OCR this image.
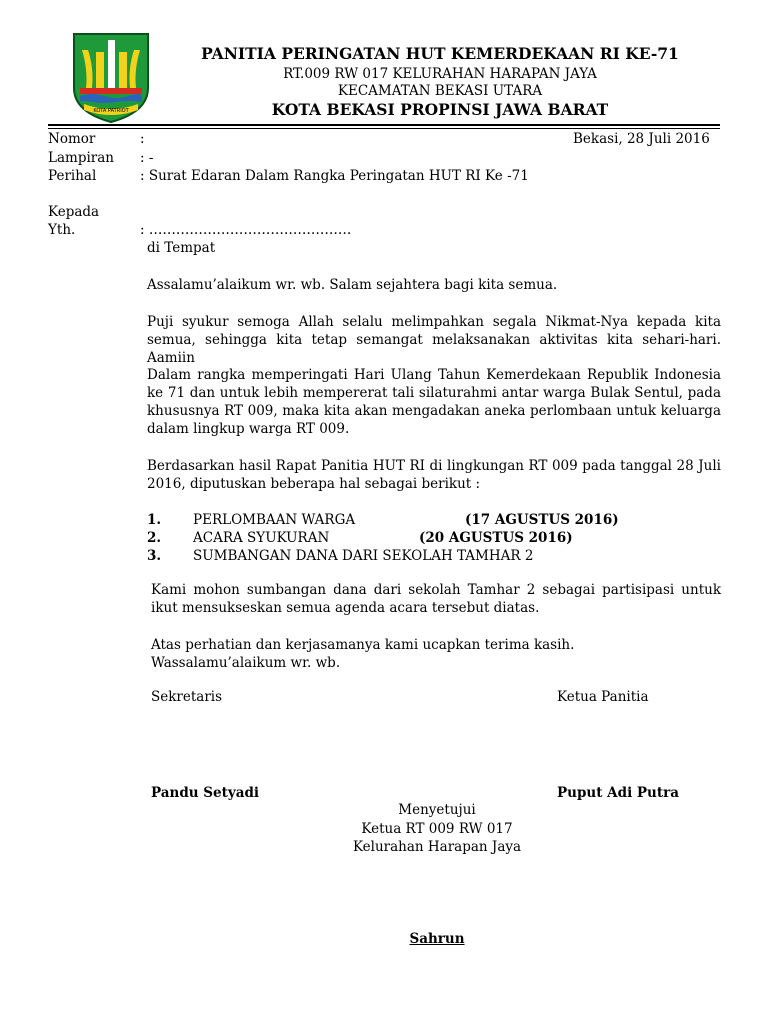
KOTA PATRIOT
PANITIA PERINGATAN HUT KEMERDEKAAN RI KE-71
RT.009 RW 017 KELURAHAN HARAPAN JAYA
KECAMATAN BEKASI UTARA
KOTA BEKASI PROPINSI JAWA BARAT
Nomor	:	Bekasi, 28 Juli 2016
Lampiran : -
Perihal	: Surat Edaran Dalam Rangka Peringatan HUT RI Ke -71
Kepada
Yth.	: ………………………………………
di Tempat
Assalamu’alaikum wr. wb. Salam sejahtera bagi kita semua.
Puji syukur semoga Allah selalu melimpahkan segala Nikmat-Nya kepada kita semua, sehingga kita tetap semangat melaksanakan aktivitas kita sehari-hari. Aamiin
Dalam rangka memperingati Hari Ulang Tahun Kemerdekaan Republik Indonesia ke 71 dan untuk lebih mempererat tali silaturahmi antar warga Bulak Sentul, pada khususnya RT 009, maka kita akan mengadakan aneka perlombaan untuk keluarga dalam lingkup warga RT 009.
Berdasarkan hasil Rapat Panitia HUT RI di lingkungan RT 009 pada tanggal 28 Juli 2016, diputuskan beberapa hal sebagai berikut :
1. PERLOMBAAN WARGA	(17 AGUSTUS 2016)
2. ACARA SYUKURAN	(20 AGUSTUS 2016)
3. SUMBANGAN DANA DARI SEKOLAH TAMHAR 2
Kami mohon sumbangan dana dari sekolah Tamhar 2 sebagai partisipasi untuk ikut mensukseskan semua agenda acara tersebut diatas.
Atas perhatian dan kerjasamanya kami ucapkan terima kasih.
Wassalamu’alaikum wr. wb.
Sekretaris	Ketua Panitia
Pandu Setyadi	Puput Adi Putra
Menyetujui
Ketua RT 009 RW 017
Kelurahan Harapan Jaya
Sahrun
